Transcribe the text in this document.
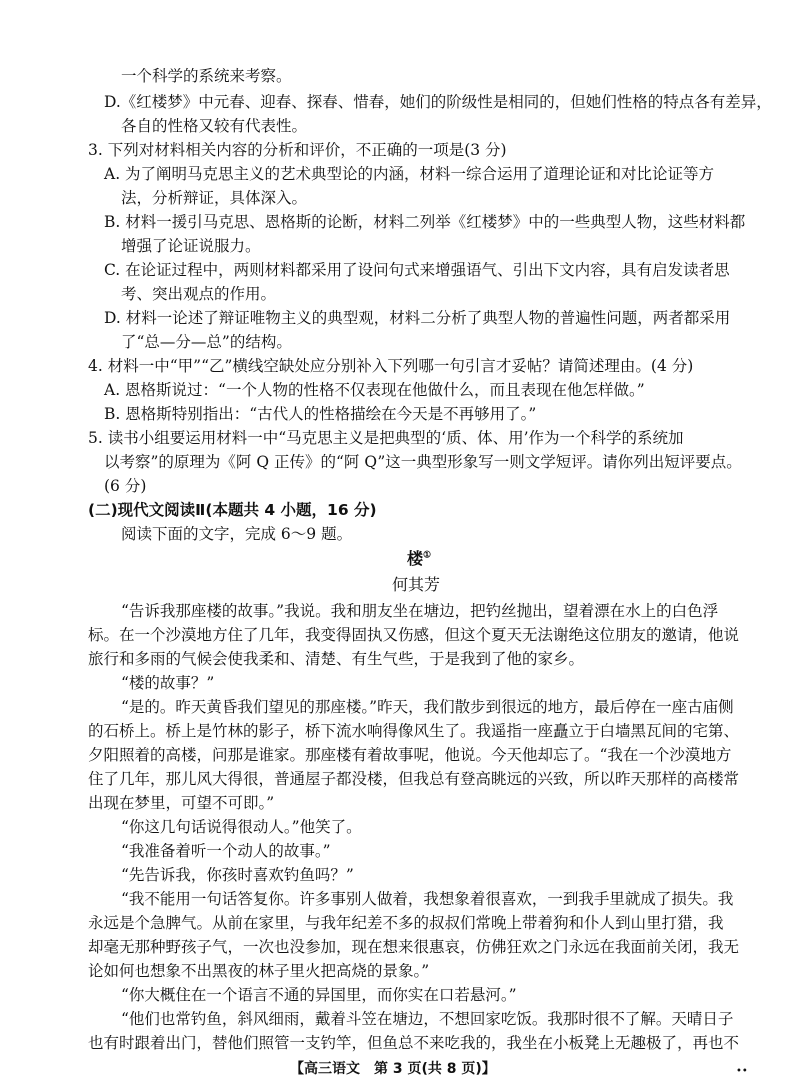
一个科学的系统来考察。

D.《红楼梦》中元春、迎春、探春、惜春，她们的阶级性是相同的，但她们性格的特点各有差异，

各自的性格又较有代表性。

3. 下列对材料相关内容的分析和评价，不正确的一项是(3 分)

A. 为了阐明马克思主义的艺术典型论的内涵，材料一综合运用了道理论证和对比论证等方

法，分析辩证，具体深入。

B. 材料一援引马克思、恩格斯的论断，材料二列举《红楼梦》中的一些典型人物，这些材料都

增强了论证说服力。

C. 在论证过程中，两则材料都采用了设问句式来增强语气、引出下文内容，具有启发读者思

考、突出观点的作用。

D. 材料一论述了辩证唯物主义的典型观，材料二分析了典型人物的普遍性问题，两者都采用

了“总—分—总”的结构。

4. 材料一中“甲”“乙”横线空缺处应分别补入下列哪一句引言才妥帖？请简述理由。(4 分)

A. 恩格斯说过：“一个人物的性格不仅表现在他做什么，而且表现在他怎样做。”

B. 恩格斯特别指出：“古代人的性格描绘在今天是不再够用了。”

5. 读书小组要运用材料一中“马克思主义是把典型的‘质、体、用’作为一个科学的系统加

以考察”的原理为《阿 Q 正传》的“阿 Q”这一典型形象写一则文学短评。请你列出短评要点。

(6 分)

(二)现代文阅读Ⅱ(本题共 4 小题，16 分)

阅读下面的文字，完成 6～9 题。

楼①

何其芳

“告诉我那座楼的故事。”我说。我和朋友坐在塘边，把钓丝抛出，望着漂在水上的白色浮

标。在一个沙漠地方住了几年，我变得固执又伤感，但这个夏天无法谢绝这位朋友的邀请，他说

旅行和多雨的气候会使我柔和、清楚、有生气些，于是我到了他的家乡。

“楼的故事？”

“是的。昨天黄昏我们望见的那座楼。”昨天，我们散步到很远的地方，最后停在一座古庙侧

的石桥上。桥上是竹林的影子，桥下流水响得像风生了。我遥指一座矗立于白墙黑瓦间的宅第、

夕阳照着的高楼，问那是谁家。那座楼有着故事呢，他说。今天他却忘了。“我在一个沙漠地方

住了几年，那儿风大得很，普通屋子都没楼，但我总有登高眺远的兴致，所以昨天那样的高楼常

出现在梦里，可望不可即。”

“你这几句话说得很动人。”他笑了。

“我准备着听一个动人的故事。”

“先告诉我，你孩时喜欢钓鱼吗？”

“我不能用一句话答复你。许多事别人做着，我想象着很喜欢，一到我手里就成了损失。我

永远是个急脾气。从前在家里，与我年纪差不多的叔叔们常晚上带着狗和仆人到山里打猎，我

却毫无那种野孩子气，一次也没参加，现在想来很惠哀，仿佛狂欢之门永远在我面前关闭，我无

论如何也想象不出黑夜的林子里火把高烧的景象。”

“你大概住在一个语言不通的异国里，而你实在口若悬河。”

“他们也常钓鱼，斜风细雨，戴着斗笠在塘边，不想回家吃饭。我那时很不了解。天晴日子

也有时跟着出门，替他们照管一支钓竿，但鱼总不来吃我的，我坐在小板凳上无趣极了，再也不

【高三语文　第 3 页(共 8 页)】	••
